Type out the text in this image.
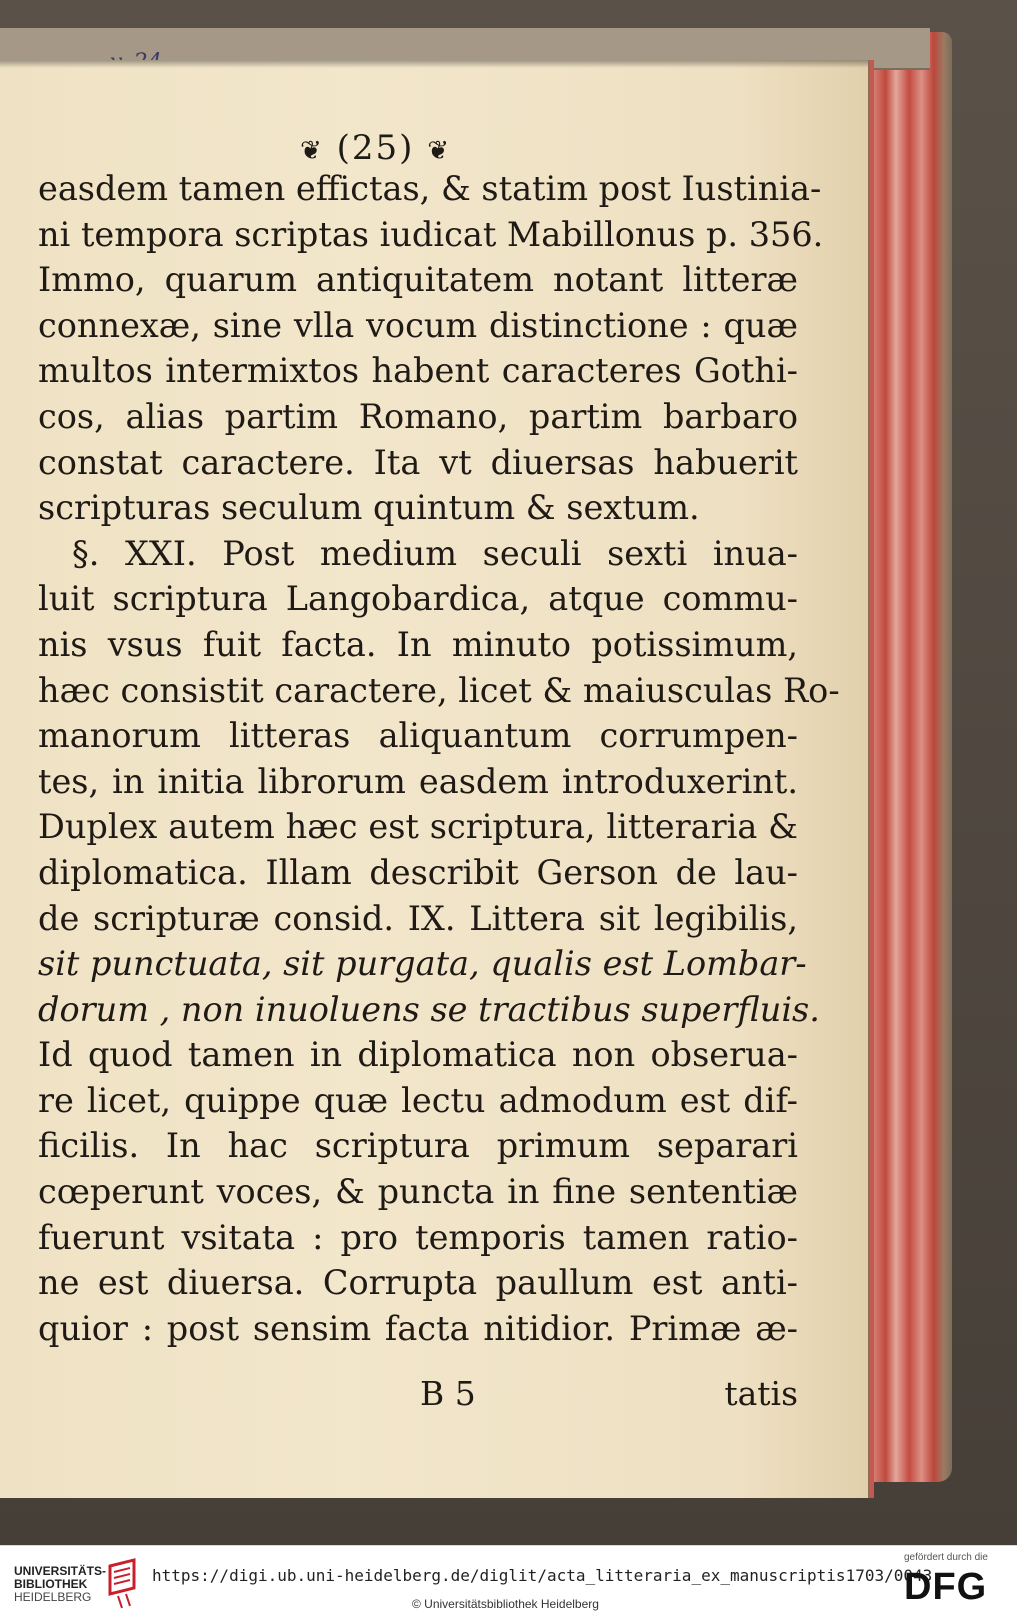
❦ (25) ❦
easdem tamen effictas, & statim post Iustinia-
ni tempora scriptas iudicat Mabillonus p. 356.
Immo, quarum antiquitatem notant litteræ
connexæ, sine vlla vocum distinctione : quæ
multos intermixtos habent caracteres Gothi-
cos, alias partim Romano, partim barbaro
constat caractere. Ita vt diuersas habuerit
scripturas seculum quintum & sextum.
§. XXI. Post medium seculi sexti inua-
luit scriptura Langobardica, atque commu-
nis vsus fuit facta. In minuto potissimum,
hæc consistit caractere, licet & maiusculas Ro-
manorum litteras aliquantum corrumpen-
tes, in initia librorum easdem introduxerint.
Duplex autem hæc est scriptura, litteraria &
diplomatica. Illam describit Gerson de lau-
de scripturæ consid. IX. Littera sit legibilis,
sit punctuata, sit purgata, qualis est Lombar-
dorum , non inuoluens se tractibus superfluis.
Id quod tamen in diplomatica non obserua-
re licet, quippe quæ lectu admodum est dif-
ficilis. In hac scriptura primum separari
cœperunt voces, & puncta in fine sententiæ
fuerunt vsitata : pro temporis tamen ratio-
ne est diuersa. Corrupta paullum est anti-
quior : post sensim facta nitidior. Primæ æ-
B 5	tatis
UNIVERSITÄTS-
BIBLIOTHEK
HEIDELBERG
https://digi.ub.uni-heidelberg.de/diglit/acta_litteraria_ex_manuscriptis1703/0043
© Universitätsbibliothek Heidelberg
gefördert durch die
DFG
